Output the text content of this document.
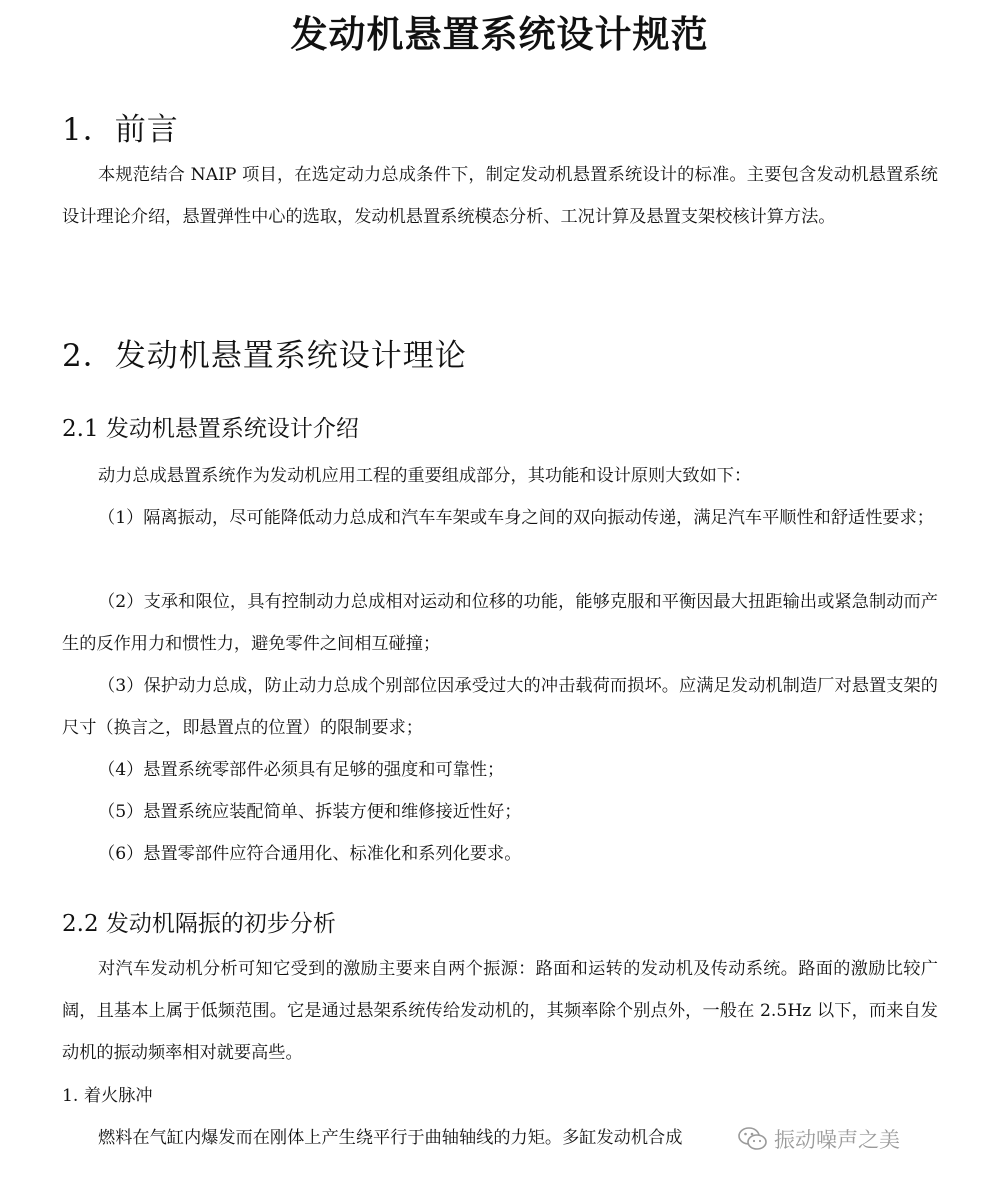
发动机悬置系统设计规范
1．前言

本规范结合 NAIP 项目，在选定动力总成条件下，制定发动机悬置系统设计的标准。主要包含发动机悬置系统设计理论介绍，悬置弹性中心的选取，发动机悬置系统模态分析、工况计算及悬置支架校核计算方法。

2．发动机悬置系统设计理论
2.1 发动机悬置系统设计介绍

动力总成悬置系统作为发动机应用工程的重要组成部分，其功能和设计原则大致如下：

（1）隔离振动，尽可能降低动力总成和汽车车架或车身之间的双向振动传递，满足汽车平顺性和舒适性要求；

（2）支承和限位，具有控制动力总成相对运动和位移的功能，能够克服和平衡因最大扭距输出或紧急制动而产生的反作用力和惯性力，避免零件之间相互碰撞；

（3）保护动力总成，防止动力总成个别部位因承受过大的冲击载荷而损坏。应满足发动机制造厂对悬置支架的尺寸（换言之，即悬置点的位置）的限制要求；

（4）悬置系统零部件必须具有足够的强度和可靠性；

（5）悬置系统应装配简单、拆装方便和维修接近性好；

（6）悬置零部件应符合通用化、标准化和系列化要求。

2.2 发动机隔振的初步分析

对汽车发动机分析可知它受到的激励主要来自两个振源：路面和运转的发动机及传动系统。路面的激励比较广阔，且基本上属于低频范围。它是通过悬架系统传给发动机的，其频率除个别点外，一般在 2.5Hz 以下，而来自发动机的振动频率相对就要高些。

1. 着火脉冲

燃料在气缸内爆发而在刚体上产生绕平行于曲轴轴线的力矩。多缸发动机合成	振动噪声之美
